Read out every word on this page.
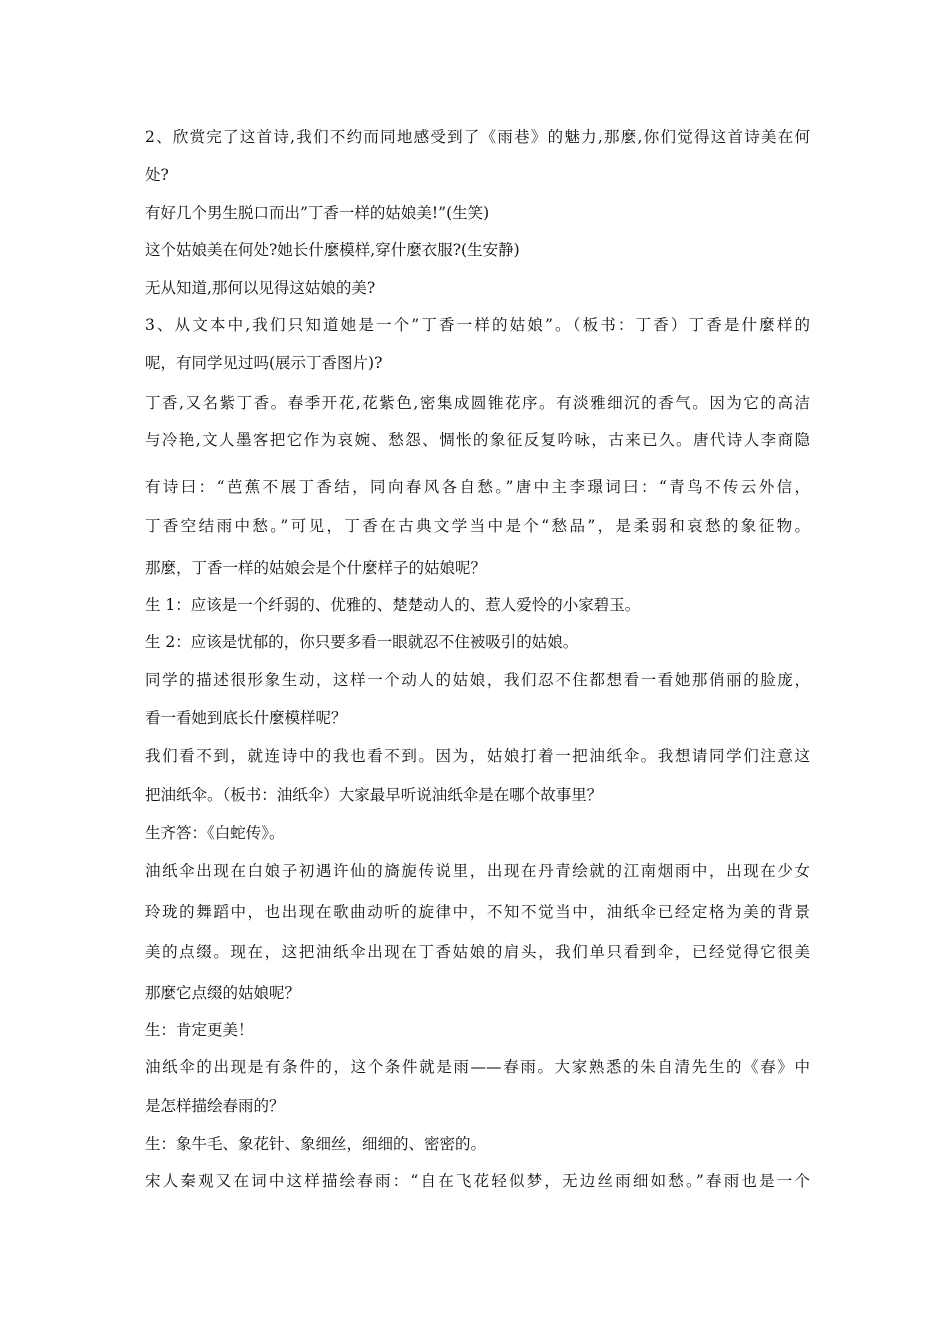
2、欣赏完了这首诗,我们不约而同地感受到了《雨巷》的魅力,那麼,你们觉得这首诗美在何
处?
有好几个男生脱口而出”丁香一样的姑娘美!”(生笑)
这个姑娘美在何处?她长什麼模样,穿什麼衣服?(生安静)
无从知道,那何以见得这姑娘的美?
3、从文本中,我们只知道她是一个”丁香一样的姑娘”。（板书：丁香）丁香是什麼样的
呢，有同学见过吗(展示丁香图片)?
丁香,又名紫丁香。春季开花,花紫色,密集成圆锥花序。有淡雅细沉的香气。因为它的高洁
与冷艳,文人墨客把它作为哀婉、愁怨、惆怅的象征反复吟咏，古来已久。唐代诗人李商隐
有诗曰：“芭蕉不展丁香结，同向春风各自愁。”唐中主李璟词曰：“青鸟不传云外信，
丁香空结雨中愁。”可见，丁香在古典文学当中是个“愁品”，是柔弱和哀愁的象征物。
那麼，丁香一样的姑娘会是个什麼样子的姑娘呢？
生 1：应该是一个纤弱的、优雅的、楚楚动人的、惹人爱怜的小家碧玉。
生 2：应该是忧郁的，你只要多看一眼就忍不住被吸引的姑娘。
同学的描述很形象生动，这样一个动人的姑娘，我们忍不住都想看一看她那俏丽的脸庞，
看一看她到底长什麼模样呢？
我们看不到，就连诗中的我也看不到。因为，姑娘打着一把油纸伞。我想请同学们注意这
把油纸伞。（板书：油纸伞）大家最早听说油纸伞是在哪个故事里？
生齐答：《白蛇传》。
油纸伞出现在白娘子初遇许仙的旖旎传说里，出现在丹青绘就的江南烟雨中，出现在少女
玲珑的舞蹈中，也出现在歌曲动听的旋律中，不知不觉当中，油纸伞已经定格为美的背景
美的点缀。现在，这把油纸伞出现在丁香姑娘的肩头，我们单只看到伞，已经觉得它很美
那麼它点缀的姑娘呢？
生：肯定更美！
油纸伞的出现是有条件的，这个条件就是雨——春雨。大家熟悉的朱自清先生的《春》中
是怎样描绘春雨的？
生：象牛毛、象花针、象细丝，细细的、密密的。
宋人秦观又在词中这样描绘春雨：“自在飞花轻似梦，无边丝雨细如愁。”春雨也是一个
